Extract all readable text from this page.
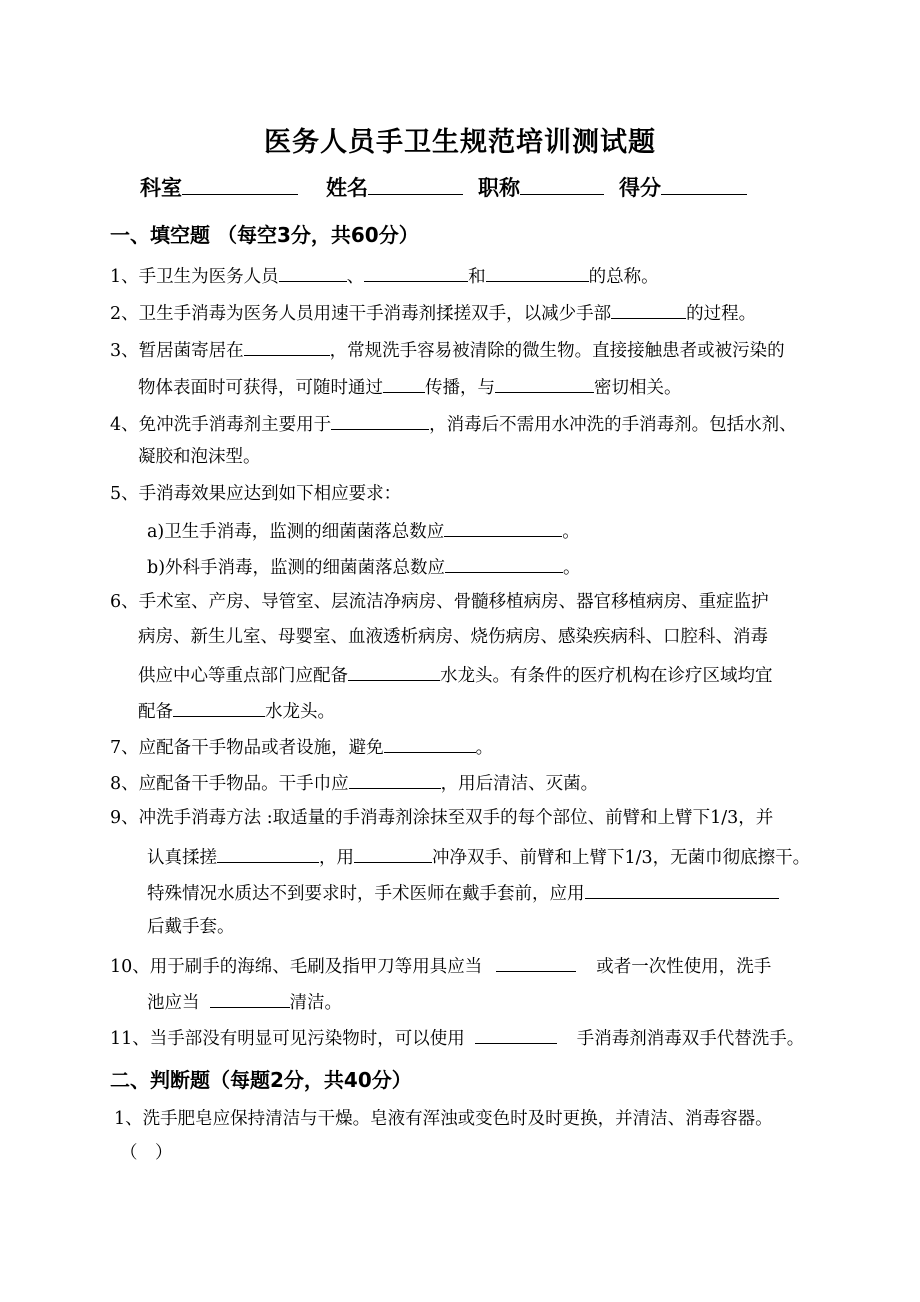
医务人员手卫生规范培训测试题
科室	姓名	职称	得分
一、填空题 （每空3分，共60分）
1、手卫生为医务人员	、	和	的总称。
2、卫生手消毒为医务人员用速干手消毒剂揉搓双手，以减少手部	的过程。
3、暂居菌寄居在	，常规洗手容易被清除的微生物。直接接触患者或被污染的
物体表面时可获得，可随时通过 传播，与	密切相关。
4、免冲洗手消毒剂主要用于	，消毒后不需用水冲洗的手消毒剂。包括水剂、
凝胶和泡沫型。
5、手消毒效果应达到如下相应要求：
a)卫生手消毒，监测的细菌菌落总数应	。
b)外科手消毒，监测的细菌菌落总数应	。
6、手术室、产房、导管室、层流洁净病房、骨髓移植病房、器官移植病房、重症监护
病房、新生儿室、母婴室、血液透析病房、烧伤病房、感染疾病科、口腔科、消毒
供应中心等重点部门应配备	水龙头。有条件的医疗机构在诊疗区域均宜
配备	水龙头。
7、应配备干手物品或者设施，避免	。
8、应配备干手物品。干手巾应	，用后清洁、灭菌。
9、冲洗手消毒方法 :取适量的手消毒剂涂抹至双手的每个部位、前臂和上臂下1/3，并
认真揉搓	，用	冲净双手、前臂和上臂下1/3，无菌巾彻底擦干。
特殊情况水质达不到要求时，手术医师在戴手套前，应用
后戴手套。
10、用于刷手的海绵、毛刷及指甲刀等用具应当	或者一次性使用，洗手
池应当	清洁。
11、当手部没有明显可见污染物时，可以使用	手消毒剂消毒双手代替洗手。
二、判断题（每题2分，共40分）
1、洗手肥皂应保持清洁与干燥。皂液有浑浊或变色时及时更换，并清洁、消毒容器。
（　）
